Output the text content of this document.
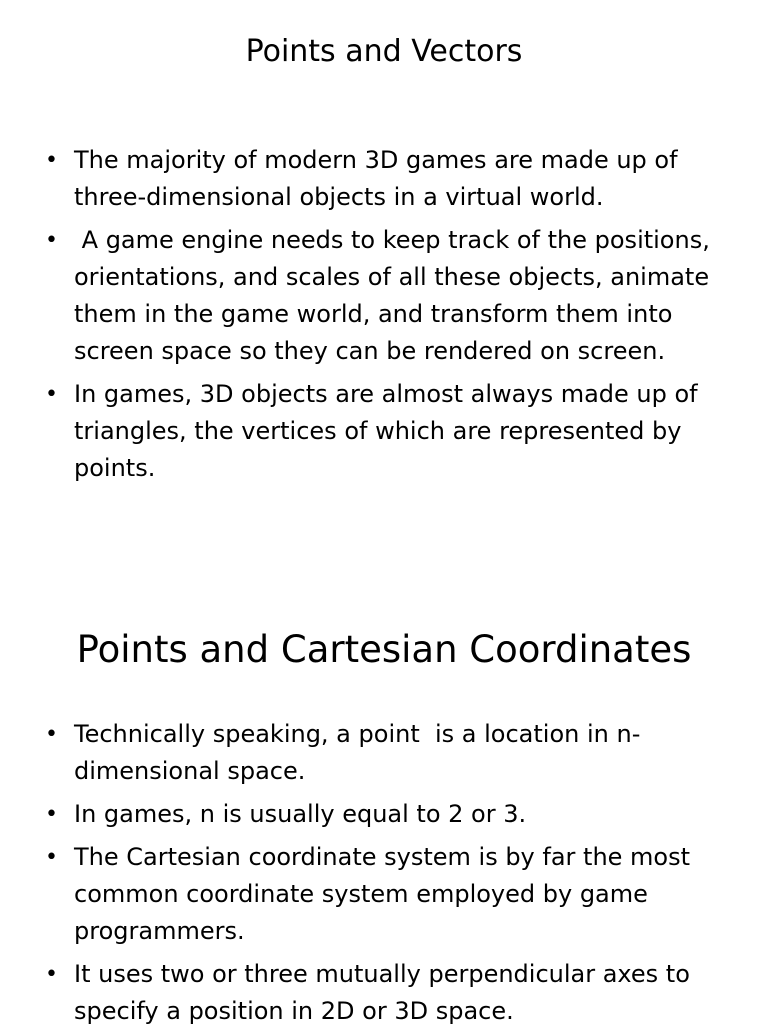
Points and Vectors
• The majority of modern 3D games are made up of three-dimensional objects in a virtual world.
• A game engine needs to keep track of the positions, orientations, and scales of all these objects, animate them in the game world, and transform them into screen space so they can be rendered on screen.
• In games, 3D objects are almost always made up of triangles, the vertices of which are represented by points.
Points and Cartesian Coordinates
• Technically speaking, a point  is a location in n-dimensional space.
• In games, n is usually equal to 2 or 3.
• The Cartesian coordinate system is by far the most common coordinate system employed by game programmers.
• It uses two or three mutually perpendicular axes to specify a position in 2D or 3D space.
